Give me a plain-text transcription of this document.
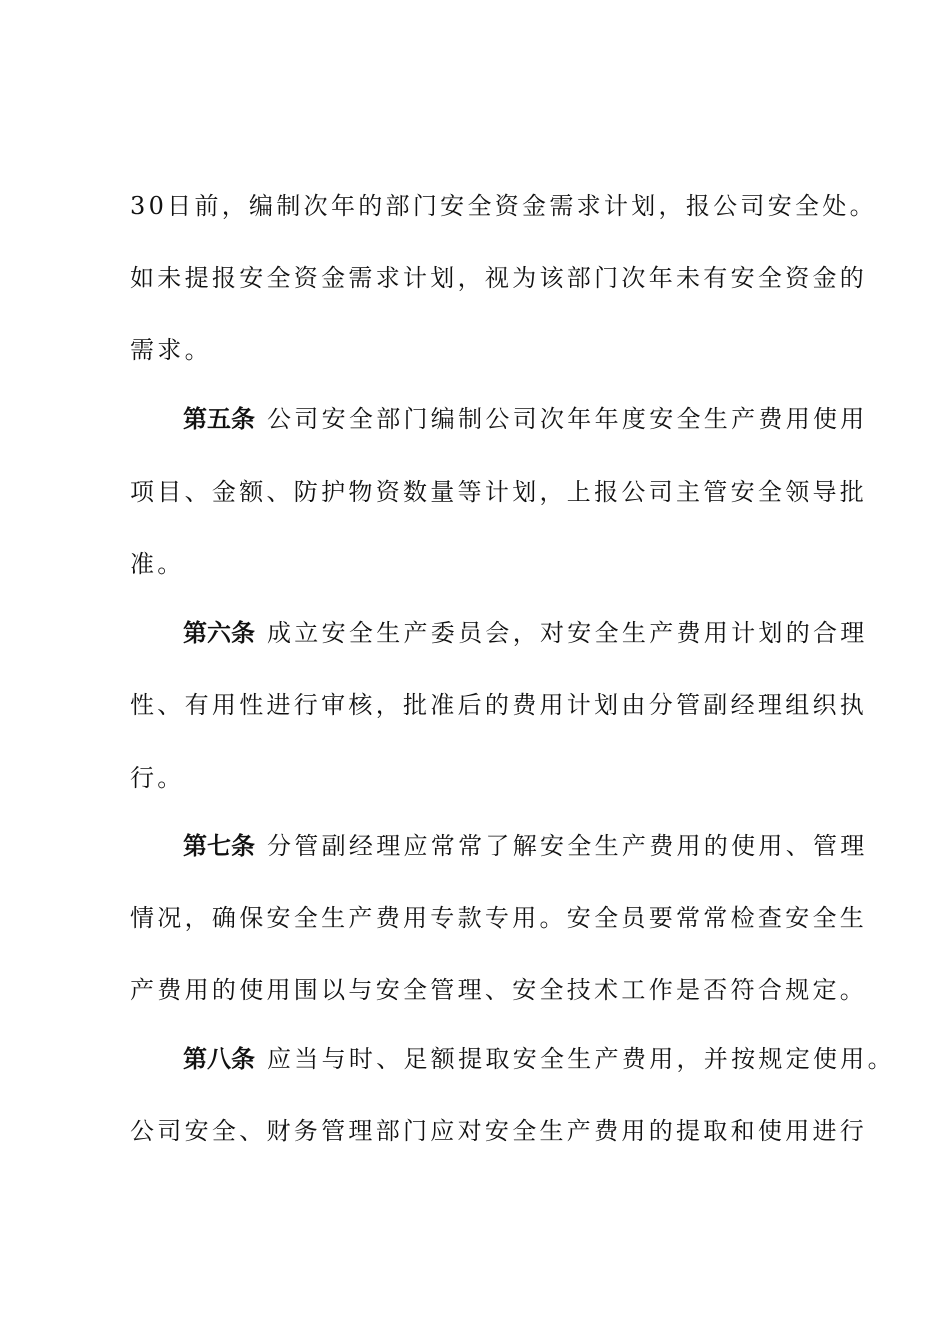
30日前，编制次年的部门安全资金需求计划，报公司安全处。
如未提报安全资金需求计划，视为该部门次年未有安全资金的
需求。
第五条 公司安全部门编制公司次年年度安全生产费用使用
项目、金额、防护物资数量等计划，上报公司主管安全领导批
准。
第六条 成立安全生产委员会，对安全生产费用计划的合理
性、有用性进行审核，批准后的费用计划由分管副经理组织执
行。
第七条 分管副经理应常常了解安全生产费用的使用、管理
情况，确保安全生产费用专款专用。安全员要常常检查安全生
产费用的使用围以与安全管理、安全技术工作是否符合规定。
第八条 应当与时、足额提取安全生产费用，并按规定使用。
公司安全、财务管理部门应对安全生产费用的提取和使用进行
